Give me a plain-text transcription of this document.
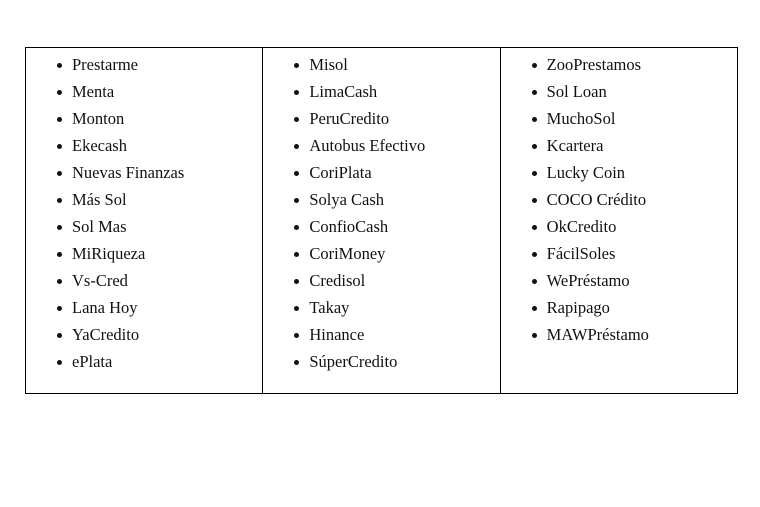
Prestarme
Menta
Monton
Ekecash
Nuevas Finanzas
Más Sol
Sol Mas
MiRiqueza
Vs-Cred
Lana Hoy
YaCredito
ePlata
Misol
LimaCash
PeruCredito
Autobus Efectivo
CoriPlata
Solya Cash
ConfioCash
CoriMoney
Credisol
Takay
Hinance
SúperCredito
ZooPrestamos
Sol Loan
MuchoSol
Kcartera
Lucky Coin
COCO Crédito
OkCredito
FácilSoles
WePréstamo
Rapipago
MAWPréstamo
